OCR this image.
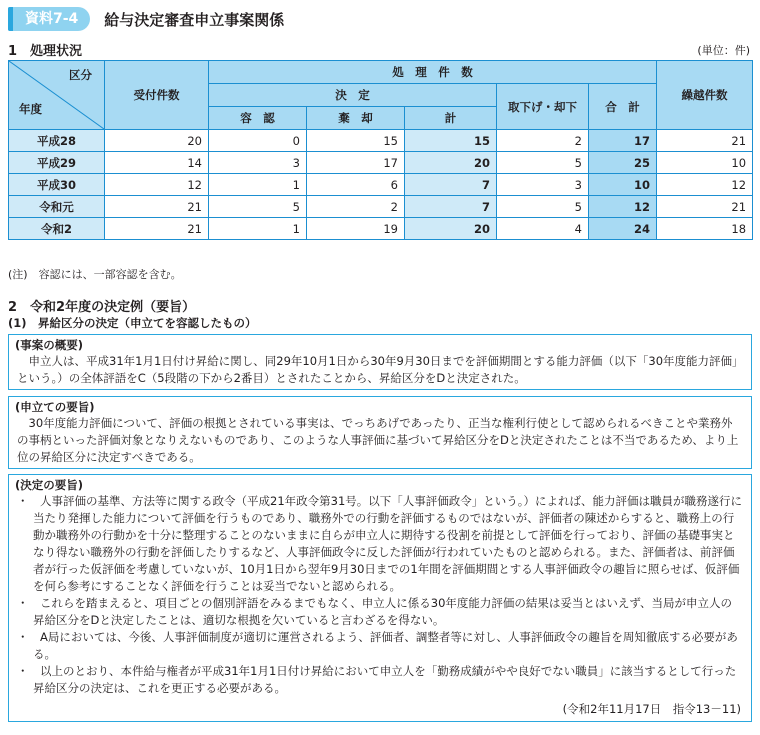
資料7-4	給与決定審査申立事案関係
1　処理状況	(単位：件)
区分
年度	受付件数	処　理　件　数					繰越件数
		決　定			取下げ・却下	合　計	
		容　認	棄　却	計			
平成28	20	0	15	15	2	17	21
平成29	14	3	17	20	5	25	10
平成30	12	1	6	7	3	10	12
令和元	21	5	2	7	5	12	21
令和2	21	1	19	20	4	24	18
(注)　容認には、一部容認を含む。
2　令和2年度の決定例（要旨）
(1)　昇給区分の決定（申立てを容認したもの）
(事案の概要)
申立人は、平成31年1月1日付け昇給に関し、同29年10月1日から30年9月30日までを評価期間とする能力評価（以下「30年度能力評価」という。）の全体評語をC（5段階の下から2番目）とされたことから、昇給区分をDと決定された。
(申立ての要旨)
30年度能力評価について、評価の根拠とされている事実は、でっちあげであったり、正当な権利行使として認められるべきことや業務外の事柄といった評価対象となりえないものであり、このような人事評価に基づいて昇給区分をDと決定されたことは不当であるため、より上位の昇給区分に決定すべきである。
(決定の要旨)
・　人事評価の基準、方法等に関する政令（平成21年政令第31号。以下「人事評価政令」という。）によれば、能力評価は職員が職務遂行に当たり発揮した能力について評価を行うものであり、職務外での行動を評価するものではないが、評価者の陳述からすると、職務上の行動か職務外の行動かを十分に整理することのないままに自らが申立人に期待する役割を前提として評価を行っており、評価の基礎事実となり得ない職務外の行動を評価したりするなど、人事評価政令に反した評価が行われていたものと認められる。また、評価者は、前評価者が行った仮評価を考慮していないが、10月1日から翌年9月30日までの1年間を評価期間とする人事評価政令の趣旨に照らせば、仮評価を何ら参考にすることなく評価を行うことは妥当でないと認められる。
・　これらを踏まえると、項目ごとの個別評語をみるまでもなく、申立人に係る30年度能力評価の結果は妥当とはいえず、当局が申立人の昇給区分をDと決定したことは、適切な根拠を欠いていると言わざるを得ない。
・　A局においては、今後、人事評価制度が適切に運営されるよう、評価者、調整者等に対し、人事評価政令の趣旨を周知徹底する必要がある。
・　以上のとおり、本件給与権者が平成31年1月1日付け昇給において申立人を「勤務成績がやや良好でない職員」に該当するとして行った昇給区分の決定は、これを更正する必要がある。
(令和2年11月17日　指令13－11)
